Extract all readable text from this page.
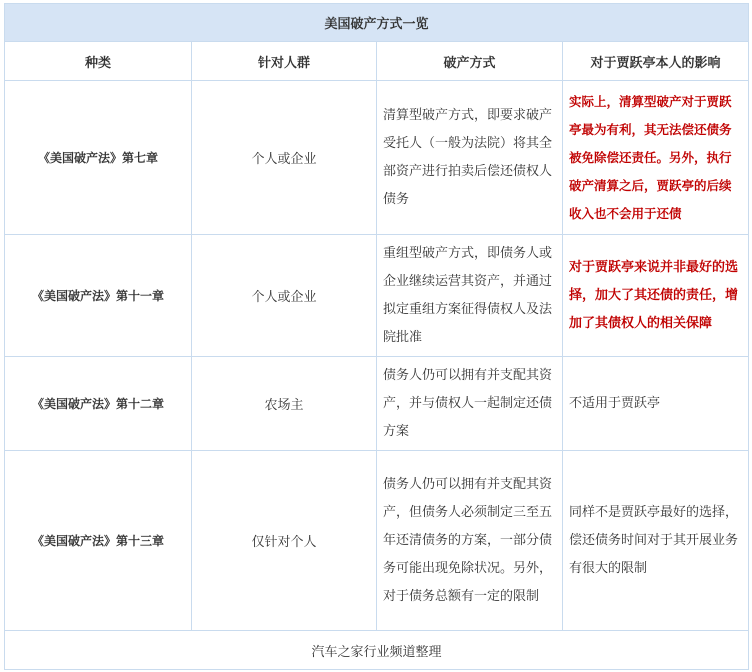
美国破产方式一览			
种类	针对人群	破产方式	对于贾跃亭本人的影响
《美国破产法》第七章	个人或企业	清算型破产方式，即要求破产受托人（一般为法院）将其全部资产进行拍卖后偿还债权人债务	实际上，清算型破产对于贾跃亭最为有利，其无法偿还债务被免除偿还责任。另外，执行破产清算之后，贾跃亭的后续收入也不会用于还债
《美国破产法》第十一章	个人或企业	重组型破产方式，即债务人或企业继续运营其资产，并通过拟定重组方案征得债权人及法院批准	对于贾跃亭来说并非最好的选择，加大了其还债的责任，增加了其债权人的相关保障
《美国破产法》第十二章	农场主	债务人仍可以拥有并支配其资产，并与债权人一起制定还债方案	不适用于贾跃亭
《美国破产法》第十三章	仅针对个人	债务人仍可以拥有并支配其资产，但债务人必须制定三至五年还清债务的方案，一部分债务可能出现免除状况。另外，对于债务总额有一定的限制	同样不是贾跃亭最好的选择，偿还债务时间对于其开展业务有很大的限制
汽车之家行业频道整理			
